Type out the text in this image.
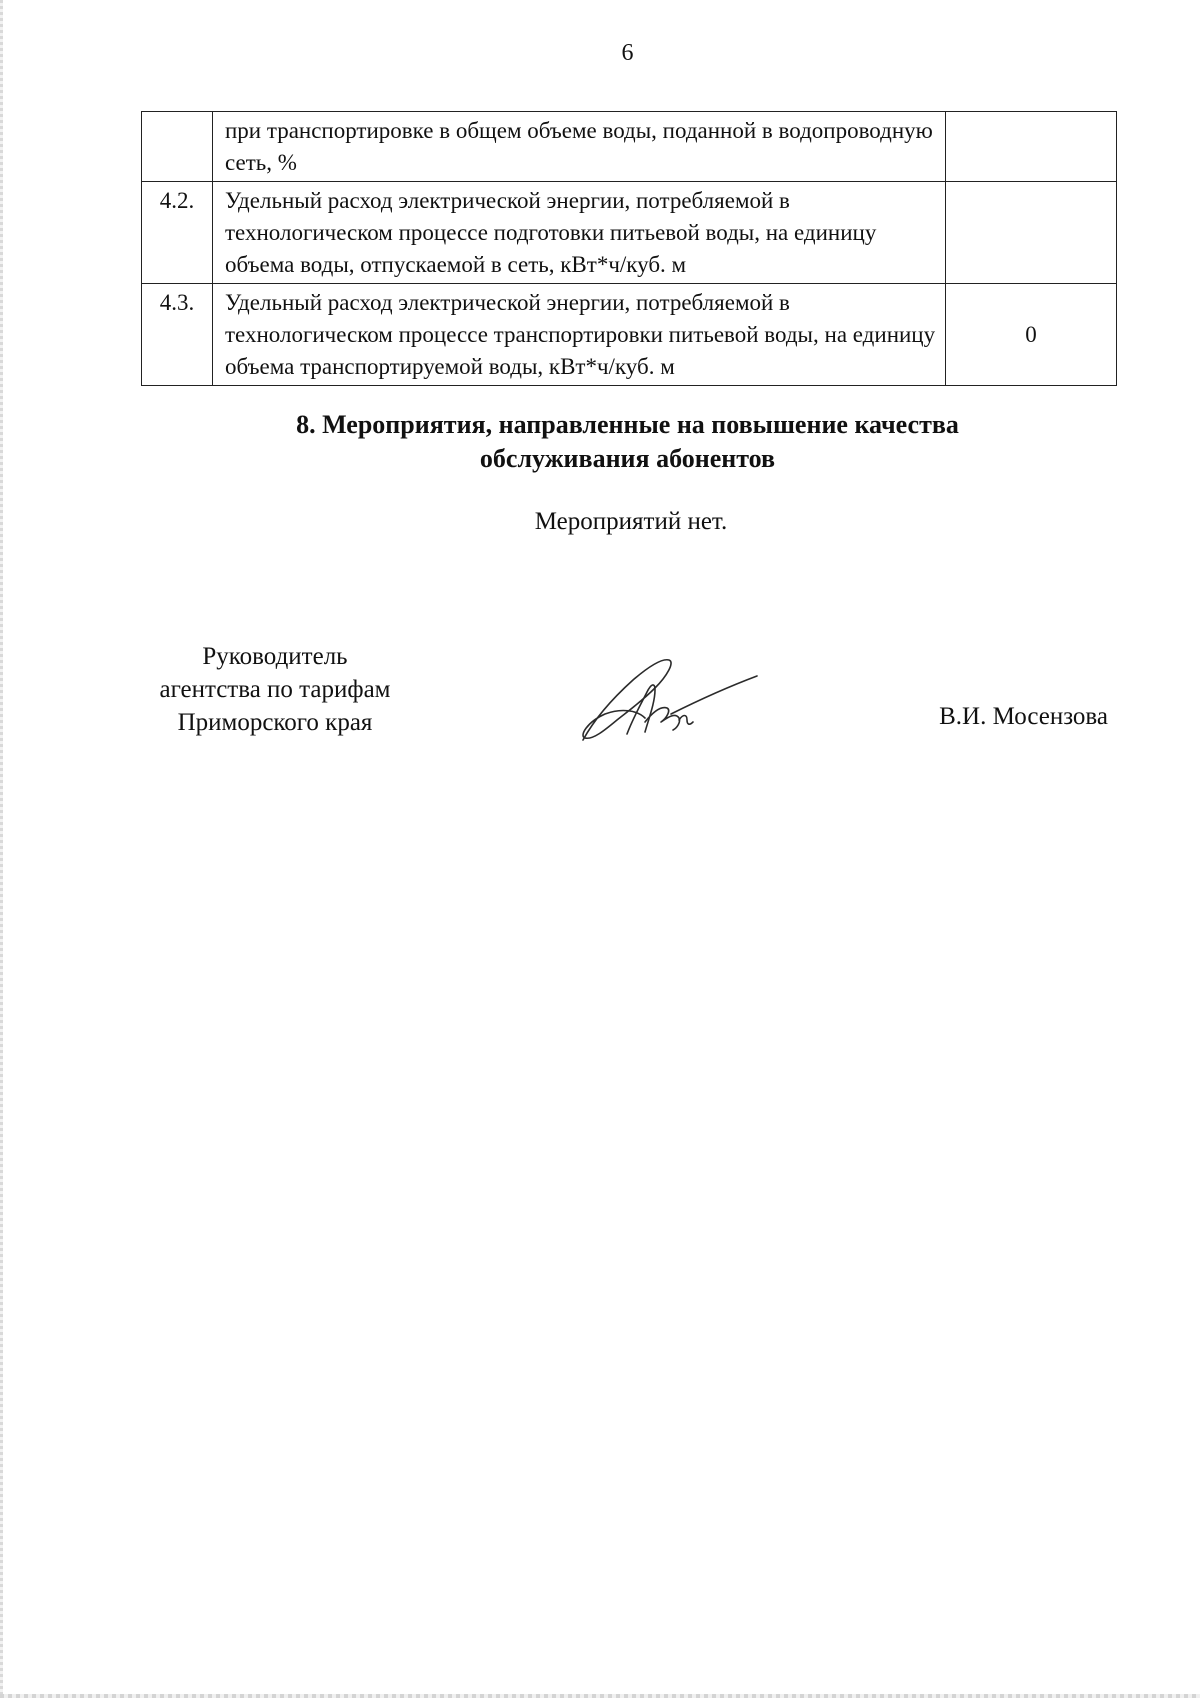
6
	при транспортировке в общем объеме воды, поданной в водопроводную сеть, %	
4.2.	Удельный расход электрической энергии, потребляемой в технологическом процессе подготовки питьевой воды, на единицу объема воды, отпускаемой в сеть, кВт*ч/куб. м	
4.3.	Удельный расход электрической энергии, потребляемой в технологическом процессе транспортировки питьевой воды, на единицу объема транспортируемой воды, кВт*ч/куб. м	0
8. Мероприятия, направленные на повышение качества
обслуживания абонентов
Мероприятий нет.
Руководитель
агентства по тарифам
Приморского края	В.И. Мосензова
